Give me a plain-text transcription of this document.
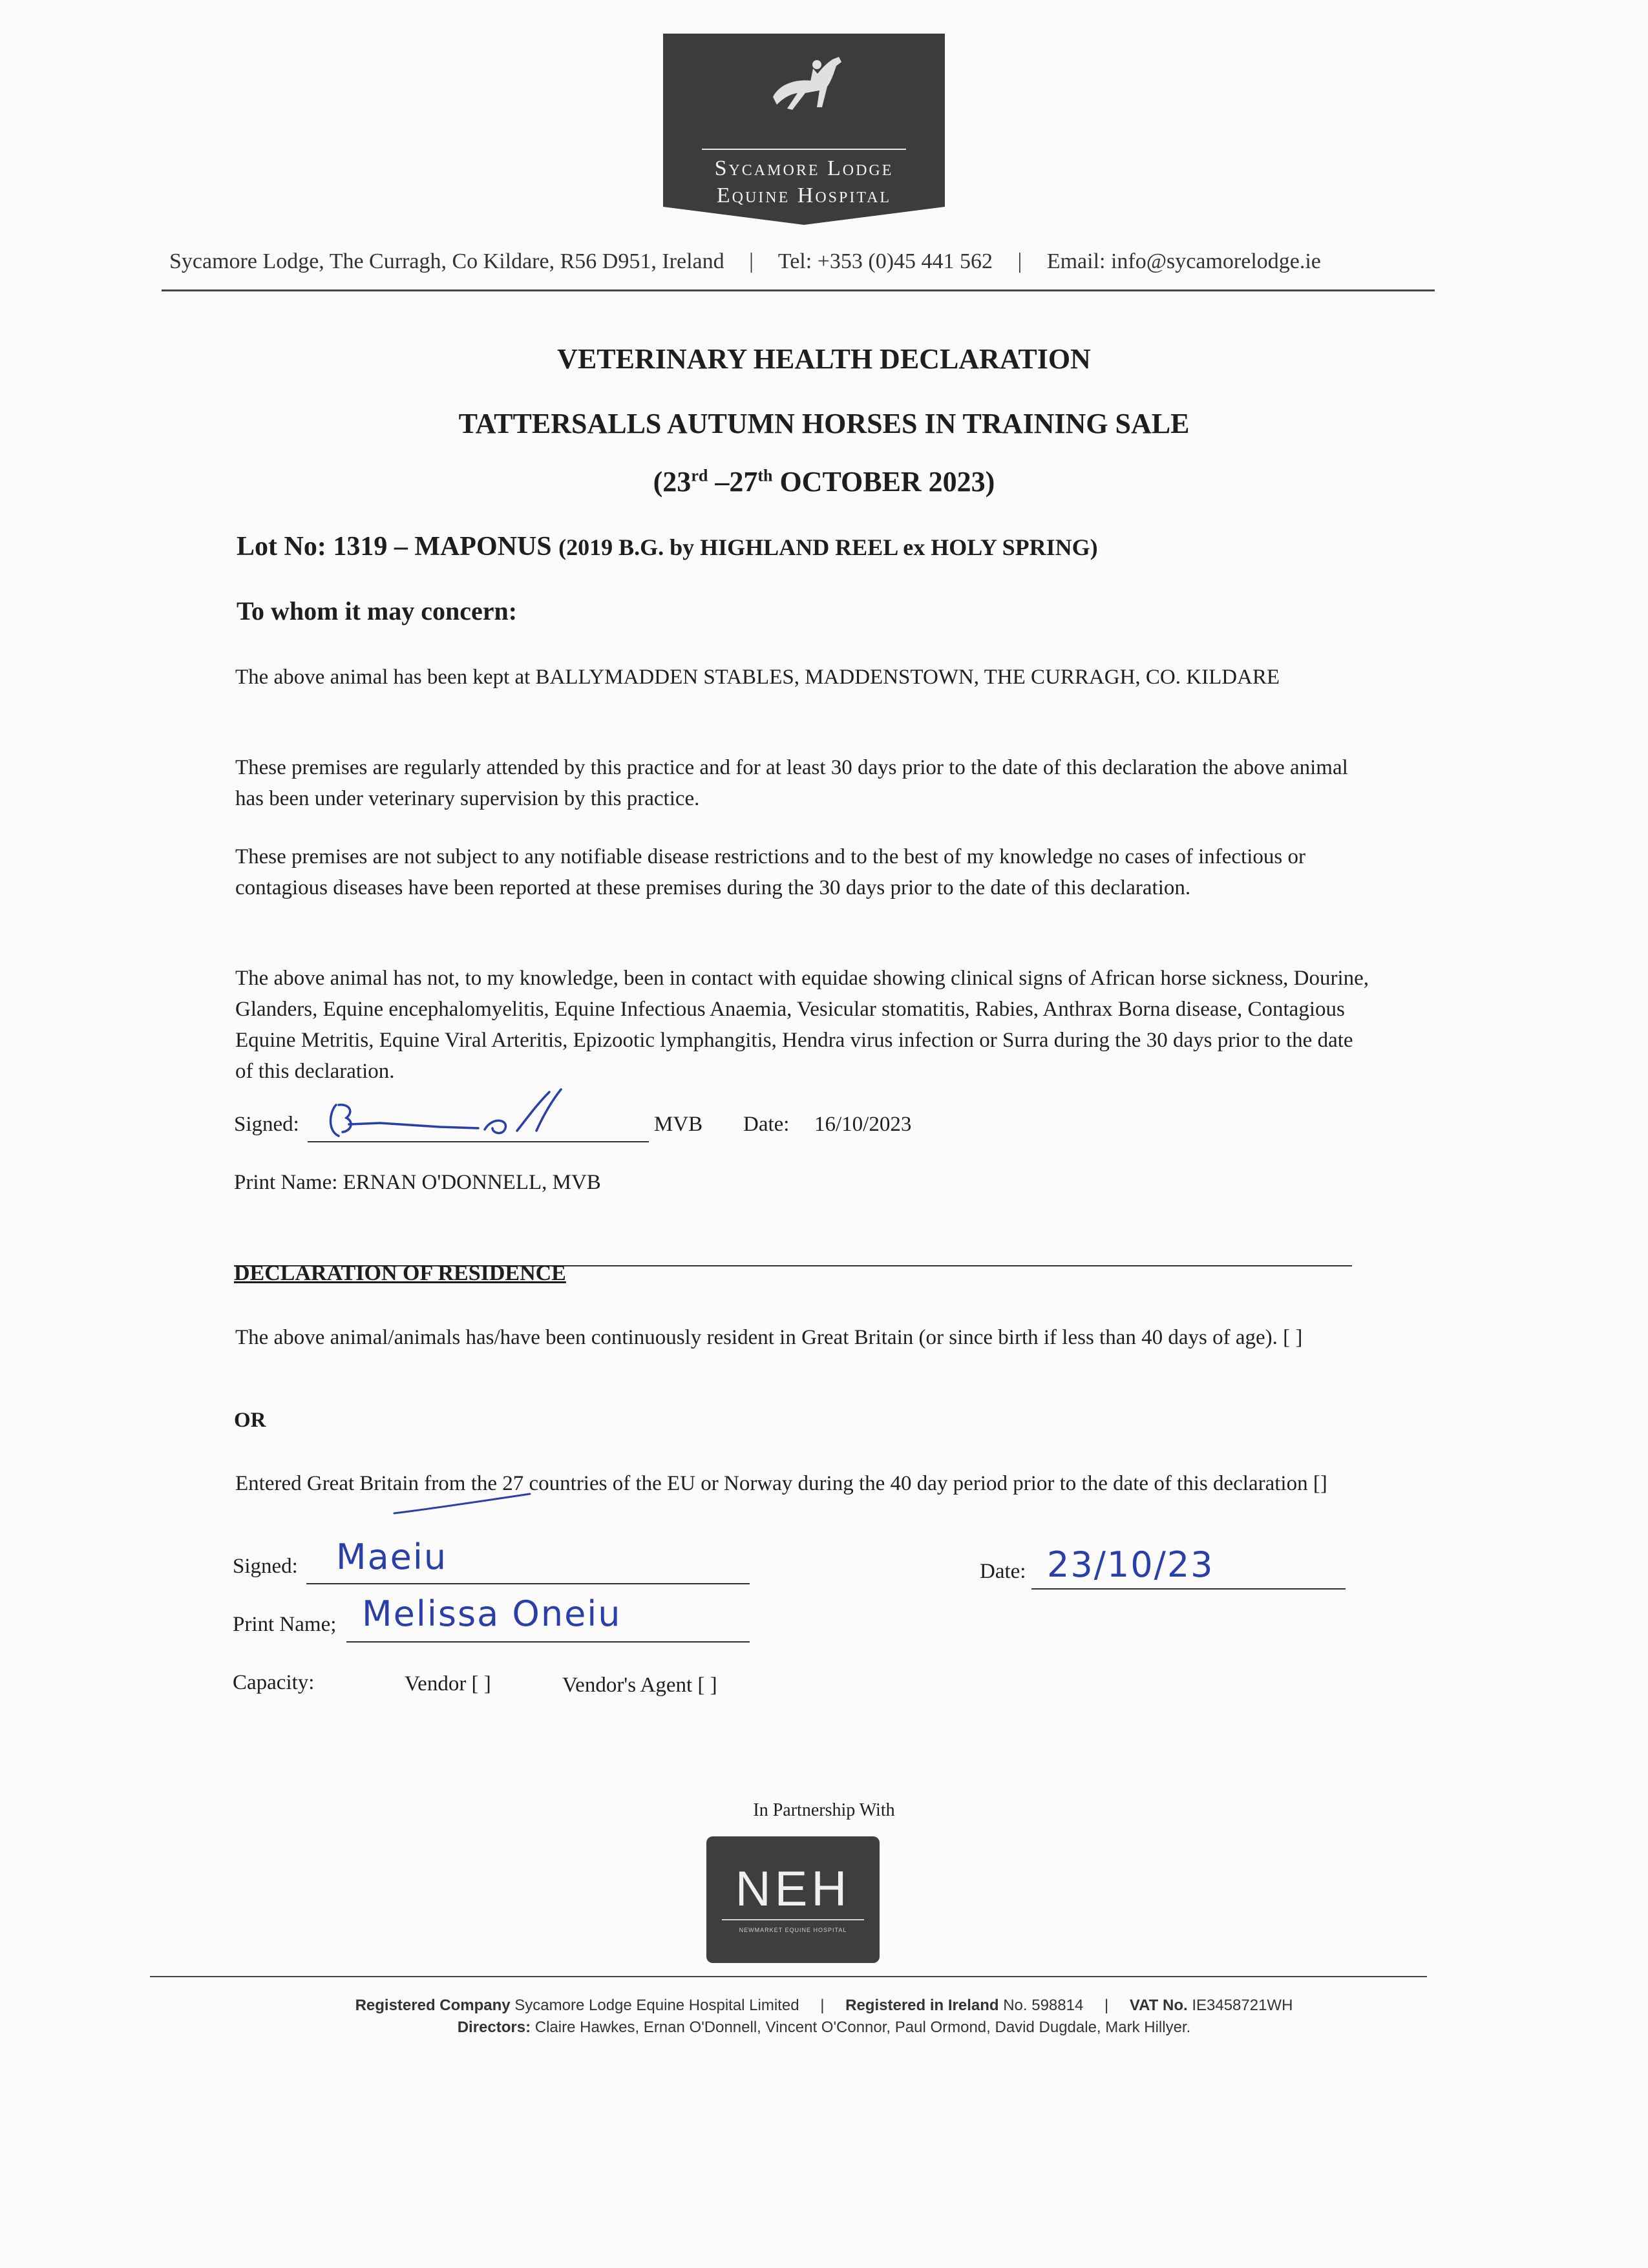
Sycamore Lodge
Equine Hospital
Sycamore Lodge, The Curragh, Co Kildare, R56 D951, Ireland | Tel: +353 (0)45 441 562 | Email: info@sycamorelodge.ie
VETERINARY HEALTH DECLARATION
TATTERSALLS AUTUMN HORSES IN TRAINING SALE
(23rd –27th OCTOBER 2023)
Lot No: 1319 – MAPONUS (2019 B.G. by HIGHLAND REEL ex HOLY SPRING)
To whom it may concern:
The above animal has been kept at BALLYMADDEN STABLES, MADDENSTOWN, THE CURRAGH, CO. KILDARE
These premises are regularly attended by this practice and for at least 30 days prior to the date of this declaration the above animal has been under veterinary supervision by this practice.
These premises are not subject to any notifiable disease restrictions and to the best of my knowledge no cases of infectious or contagious diseases have been reported at these premises during the 30 days prior to the date of this declaration.
The above animal has not, to my knowledge, been in contact with equidae showing clinical signs of African horse sickness, Dourine, Glanders, Equine encephalomyelitis, Equine Infectious Anaemia, Vesicular stomatitis, Rabies, Anthrax Borna disease, Contagious Equine Metritis, Equine Viral Arteritis, Epizootic lymphangitis, Hendra virus infection or Surra during the 30 days prior to the date of this declaration.
Signed:	MVB Date: 16/10/2023
Print Name: ERNAN O'DONNELL, MVB
DECLARATION OF RESIDENCE
The above animal/animals has/have been continuously resident in Great Britain (or since birth if less than 40 days of age). [ ]
OR
Entered Great Britain from the 27 countries of the EU or Norway during the 40 day period prior to the date of this declaration []
Signed: Maeiu	Date: 23/10/23
Print Name; Melissa Oneiu
Capacity:	Vendor [ ]	Vendor's Agent [ ]
In Partnership With
NEH
NEWMARKET EQUINE HOSPITAL
Registered Company Sycamore Lodge Equine Hospital Limited | Registered in Ireland No. 598814 | VAT No. IE3458721WH
Directors: Claire Hawkes, Ernan O'Donnell, Vincent O'Connor, Paul Ormond, David Dugdale, Mark Hillyer.
